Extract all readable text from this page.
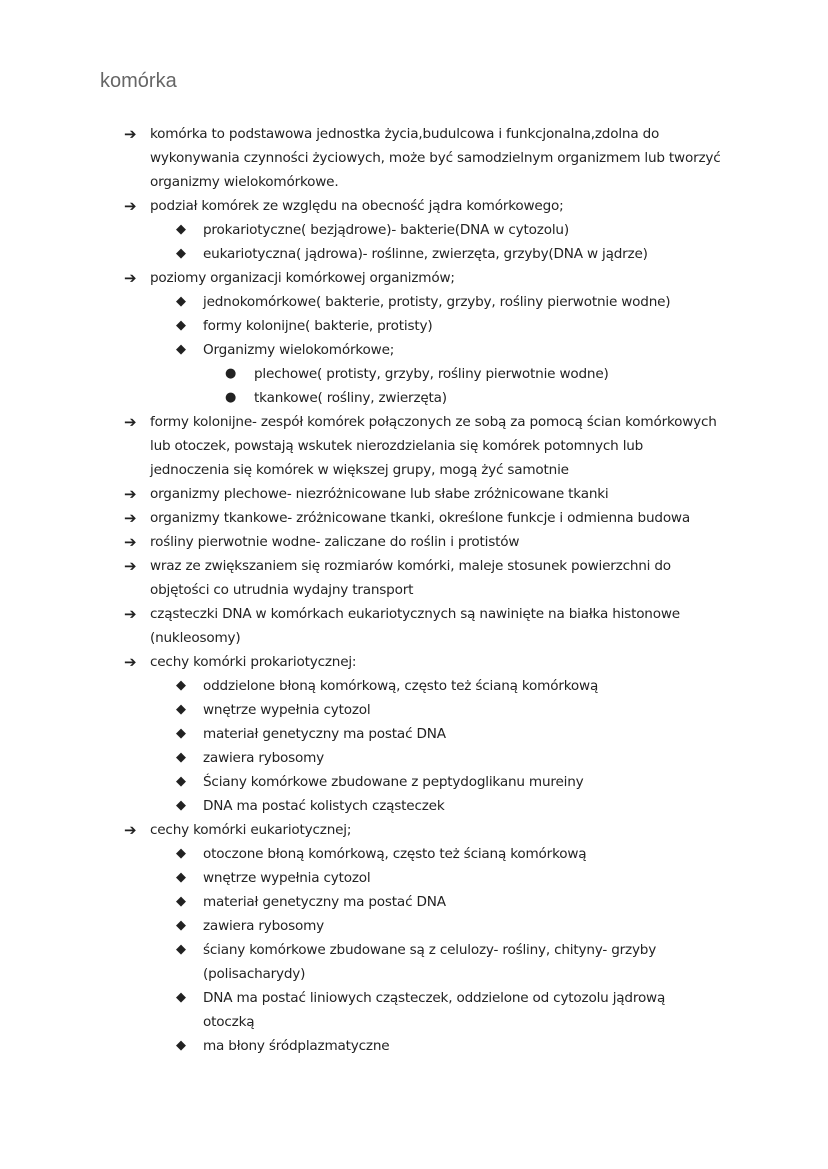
komórka
➔ komórka to podstawowa jednostka życia,budulcowa i funkcjonalna,zdolna do
wykonywania czynności życiowych, może być samodzielnym organizmem lub tworzyć
organizmy wielokomórkowe.
➔ podział komórek ze względu na obecność jądra komórkowego;
◆ prokariotyczne( bezjądrowe)- bakterie(DNA w cytozolu)
◆ eukariotyczna( jądrowa)- roślinne, zwierzęta, grzyby(DNA w jądrze)
➔ poziomy organizacji komórkowej organizmów;
◆ jednokomórkowe( bakterie, protisty, grzyby, rośliny pierwotnie wodne)
◆ formy kolonijne( bakterie, protisty)
◆ Organizmy wielokomórkowe;
● plechowe( protisty, grzyby, rośliny pierwotnie wodne)
● tkankowe( rośliny, zwierzęta)
➔ formy kolonijne- zespół komórek połączonych ze sobą za pomocą ścian komórkowych
lub otoczek, powstają wskutek nierozdzielania się komórek potomnych lub
jednoczenia się komórek w większej grupy, mogą żyć samotnie
➔ organizmy plechowe- niezróżnicowane lub słabe zróżnicowane tkanki
➔ organizmy tkankowe- zróżnicowane tkanki, określone funkcje i odmienna budowa
➔ rośliny pierwotnie wodne- zaliczane do roślin i protistów
➔ wraz ze zwiększaniem się rozmiarów komórki, maleje stosunek powierzchni do
objętości co utrudnia wydajny transport
➔ cząsteczki DNA w komórkach eukariotycznych są nawinięte na białka histonowe
(nukleosomy)
➔ cechy komórki prokariotycznej:
◆ oddzielone błoną komórkową, często też ścianą komórkową
◆ wnętrze wypełnia cytozol
◆ materiał genetyczny ma postać DNA
◆ zawiera rybosomy
◆ Ściany komórkowe zbudowane z peptydoglikanu mureiny
◆ DNA ma postać kolistych cząsteczek
➔ cechy komórki eukariotycznej;
◆ otoczone błoną komórkową, często też ścianą komórkową
◆ wnętrze wypełnia cytozol
◆ materiał genetyczny ma postać DNA
◆ zawiera rybosomy
◆ ściany komórkowe zbudowane są z celulozy- rośliny, chityny- grzyby
(polisacharydy)
◆ DNA ma postać liniowych cząsteczek, oddzielone od cytozolu jądrową
otoczką
◆ ma błony śródplazmatyczne
